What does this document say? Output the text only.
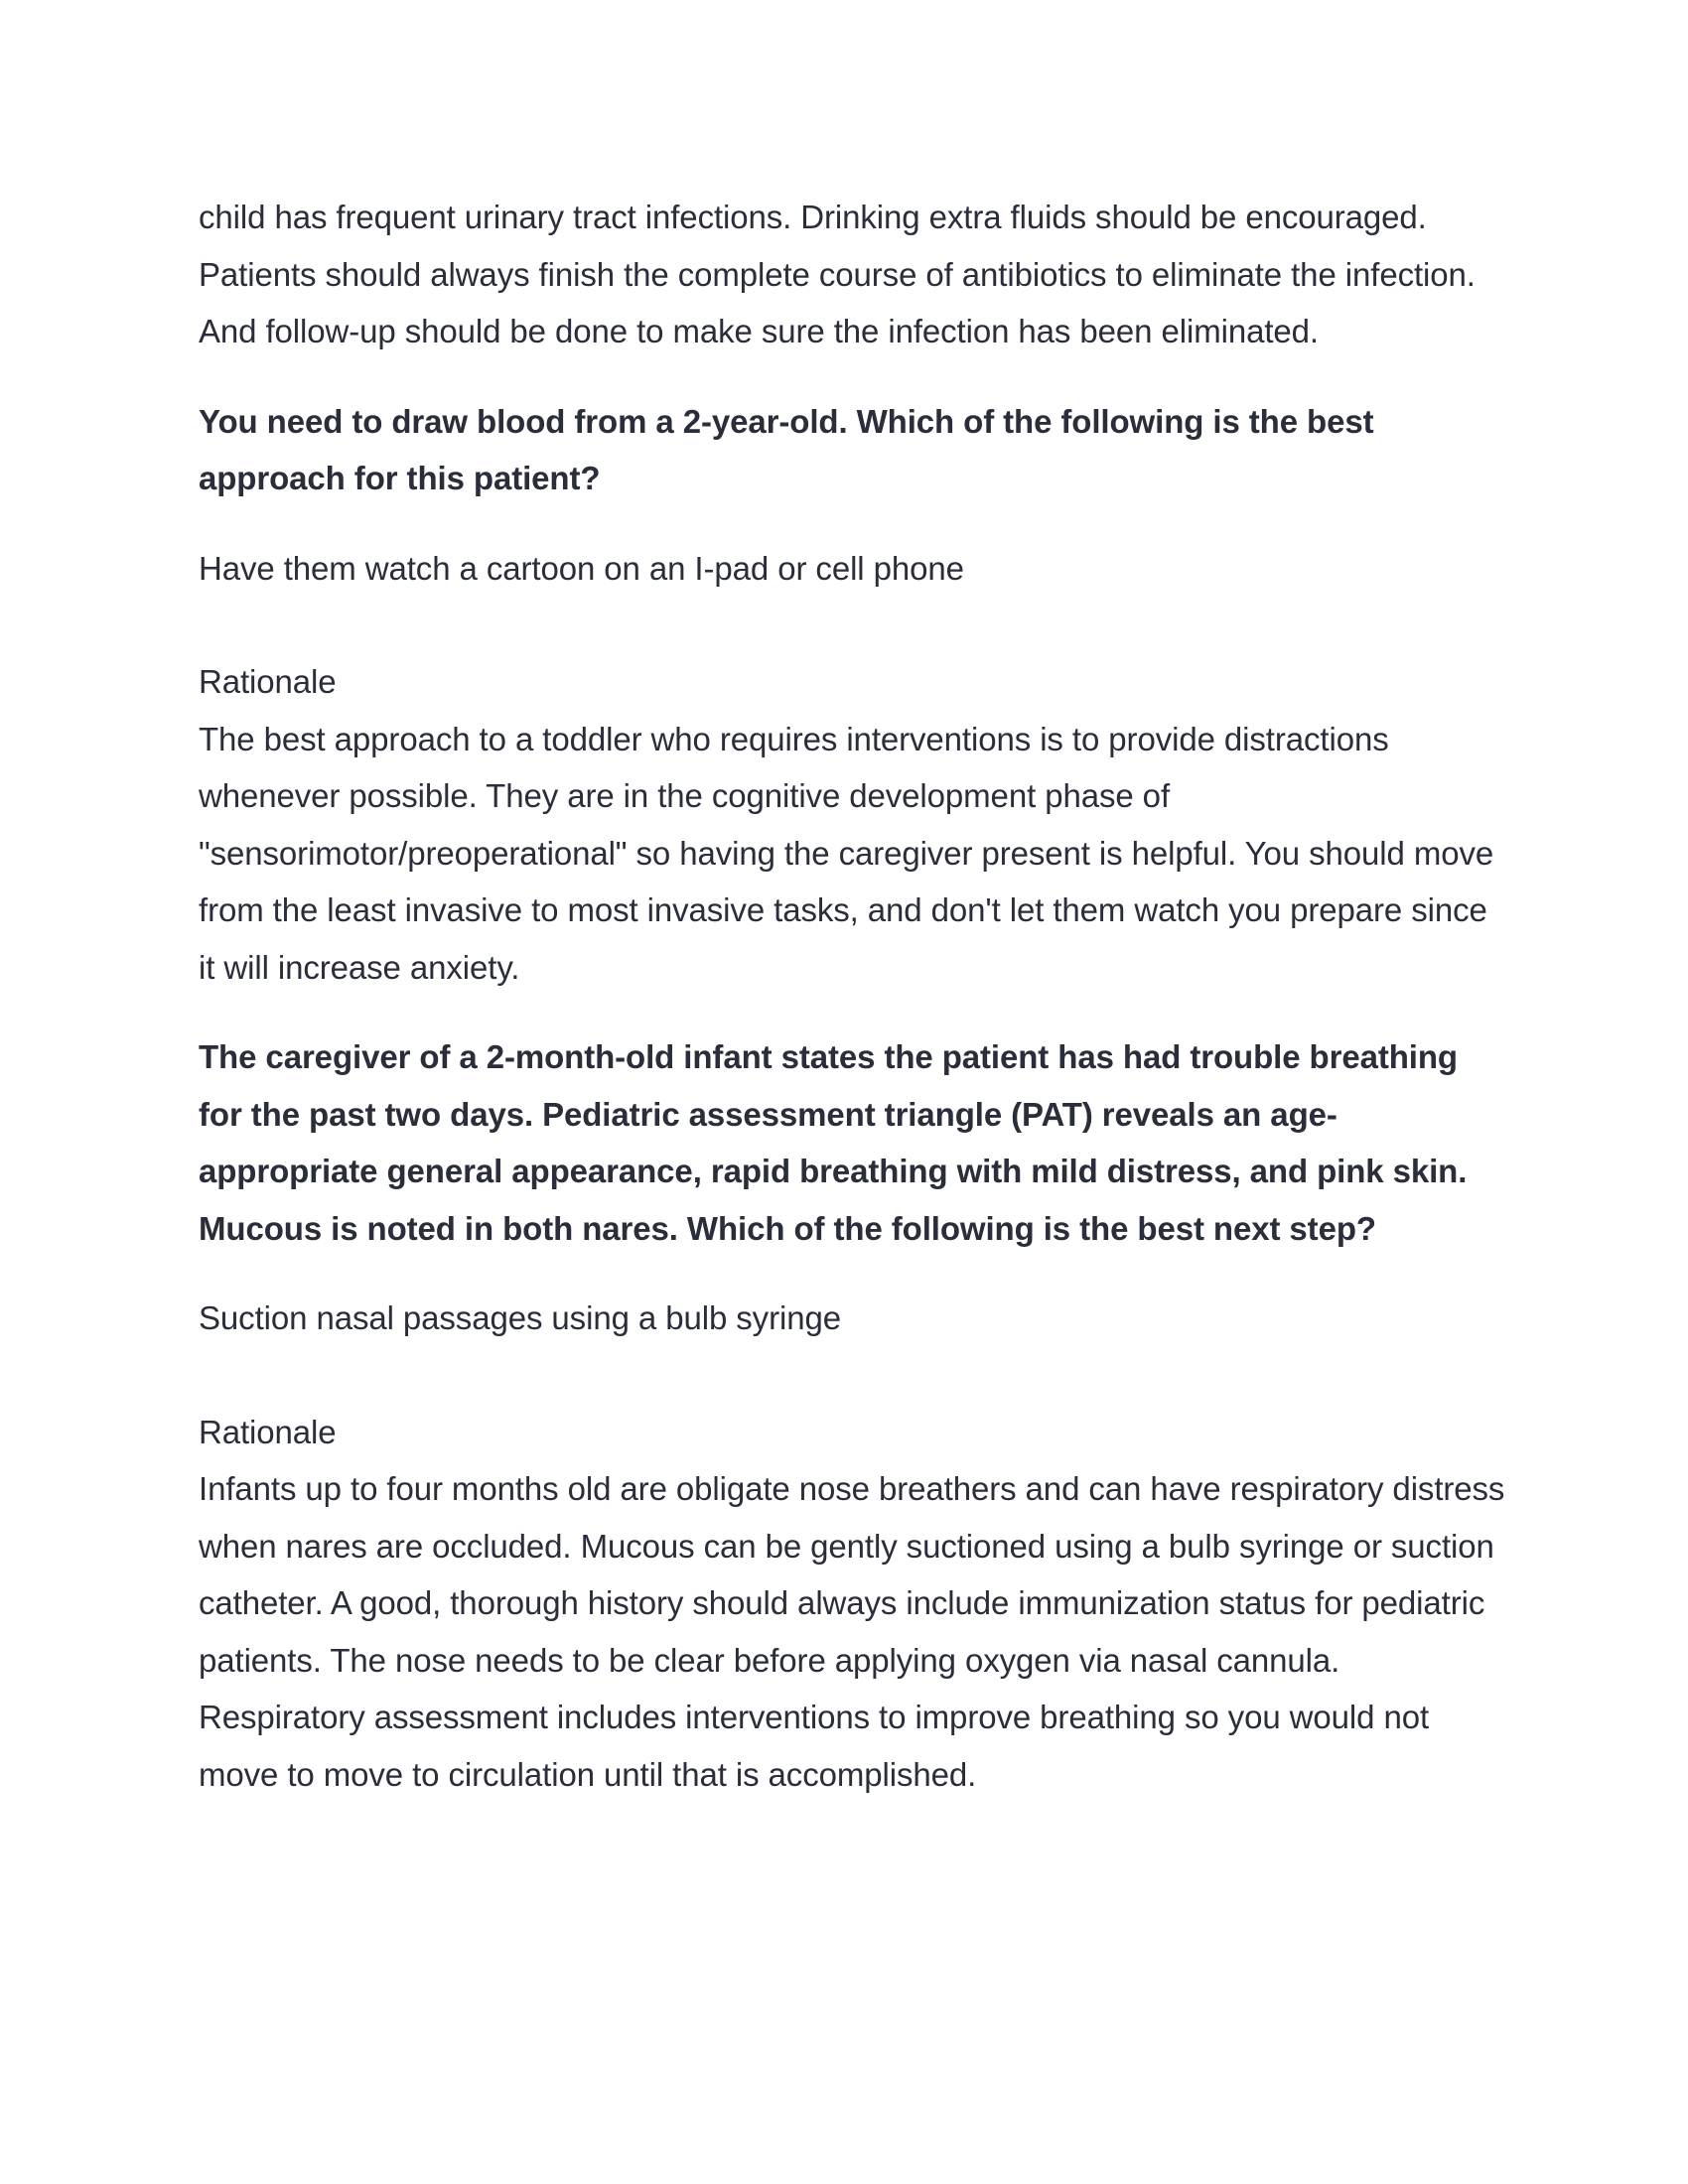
child has frequent urinary tract infections. Drinking extra fluids should be encouraged. Patients should always finish the complete course of antibiotics to eliminate the infection. And follow-up should be done to make sure the infection has been eliminated.

You need to draw blood from a 2-year-old. Which of the following is the best approach for this patient?

Have them watch a cartoon on an I-pad or cell phone

Rationale

The best approach to a toddler who requires interventions is to provide distractions whenever possible. They are in the cognitive development phase of "sensorimotor/preoperational" so having the caregiver present is helpful. You should move from the least invasive to most invasive tasks, and don't let them watch you prepare since it will increase anxiety.

The caregiver of a 2-month-old infant states the patient has had trouble breathing for the past two days. Pediatric assessment triangle (PAT) reveals an age-appropriate general appearance, rapid breathing with mild distress, and pink skin. Mucous is noted in both nares. Which of the following is the best next step?

Suction nasal passages using a bulb syringe

Rationale

Infants up to four months old are obligate nose breathers and can have respiratory distress when nares are occluded. Mucous can be gently suctioned using a bulb syringe or suction catheter. A good, thorough history should always include immunization status for pediatric patients. The nose needs to be clear before applying oxygen via nasal cannula. Respiratory assessment includes interventions to improve breathing so you would not move to move to circulation until that is accomplished.
